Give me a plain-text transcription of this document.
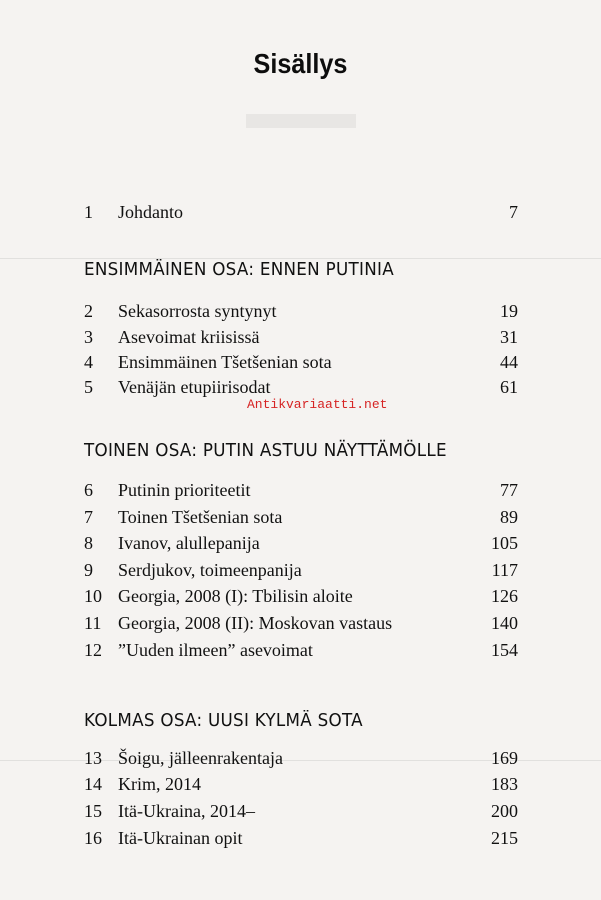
Sisällys
1 Johdanto	7
ENSIMMÄINEN OSA: ENNEN PUTINIA
2 Sekasorrosta syntynyt	19
3 Asevoimat kriisissä	31
4 Ensimmäinen Tšetšenian sota	44
5 Venäjän etupiirisodat	61
Antikvariaatti.net
TOINEN OSA: PUTIN ASTUU NÄYTTÄMÖLLE
6 Putinin prioriteetit	77
7 Toinen Tšetšenian sota	89
8 Ivanov, alullepanija	105
9 Serdjukov, toimeenpanija	117
10 Georgia, 2008 (I): Tbilisin aloite	126
11 Georgia, 2008 (II): Moskovan vastaus	140
12 ”Uuden ilmeen” asevoimat	154
KOLMAS OSA: UUSI KYLMÄ SOTA
13 Šoigu, jälleenrakentaja	169
14 Krim, 2014	183
15 Itä-Ukraina, 2014–	200
16 Itä-Ukrainan opit	215
